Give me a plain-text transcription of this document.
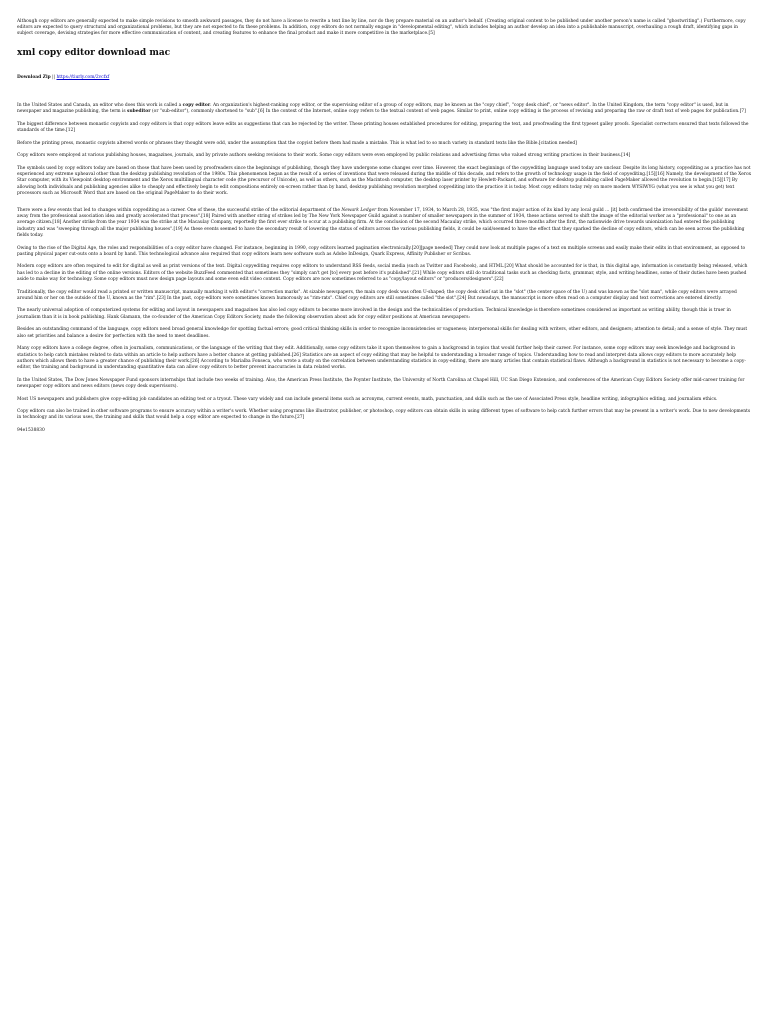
Although copy editors are generally expected to make simple revisions to smooth awkward passages, they do not have a license to rewrite a text line by line, nor do they prepare material on an author's behalf. (Creating original content to be published under another person's name is called "ghostwriting".) Furthermore, copy editors are expected to query structural and organizational problems, but they are not expected to fix these problems. In addition, copy editors do not normally engage in "developmental editing", which includes helping an author develop an idea into a publishable manuscript, overhauling a rough draft, identifying gaps in subject coverage, devising strategies for more effective communication of content, and creating features to enhance the final product and make it more competitive in the marketplace.[5]

xml copy editor download mac
Download Zip || https://tiurly.com/2vcfxf

In the United States and Canada, an editor who does this work is called a copy editor. An organization's highest-ranking copy editor, or the supervising editor of a group of copy editors, may be known as the "copy chief", "copy desk chief", or "news editor". In the United Kingdom, the term "copy editor" is used, but in newspaper and magazine publishing, the term is subeditor (or "sub-editor"), commonly shortened to "sub".[6] In the context of the Internet, online copy refers to the textual content of web pages. Similar to print, online copy editing is the process of revising and preparing the raw or draft text of web pages for publication.[7]

The biggest difference between monastic copyists and copy editors is that copy editors leave edits as suggestions that can be rejected by the writer. These printing houses established procedures for editing, preparing the text, and proofreading the first typeset galley proofs. Specialist correctors ensured that texts followed the standards of the time.[12]

Before the printing press, monastic copyists altered words or phrases they thought were odd, under the assumption that the copyist before them had made a mistake. This is what led to so much variety in standard texts like the Bible.[citation needed]

Copy editors were employed at various publishing houses, magazines, journals, and by private authors seeking revisions to their work. Some copy editors were even employed by public relations and advertising firms who valued strong writing practices in their business.[14]

The symbols used by copy editors today are based on those that have been used by proofreaders since the beginnings of publishing, though they have undergone some changes over time. However, the exact beginnings of the copyediting language used today are unclear. Despite its long history, copyediting as a practice has not experienced any extreme upheaval other than the desktop publishing revolution of the 1980s. This phenomenon began as the result of a series of inventions that were released during the middle of this decade, and refers to the growth of technology usage in the field of copyediting.[15][16] Namely, the development of the Xerox Star computer, with its Viewpoint desktop environment and the Xerox multilingual character code (the precursor of Unicode), as well as others, such as the Macintosh computer, the desktop laser printer by Hewlett-Packard, and software for desktop publishing called PageMaker allowed the revolution to begin.[15][17] By allowing both individuals and publishing agencies alike to cheaply and effectively begin to edit compositions entirely on-screen rather than by hand, desktop publishing revolution morphed copyediting into the practice it is today. Most copy editors today rely on more modern WYSIWYG (what you see is what you get) text processors such as Microsoft Word that are based on the original PageMaker to do their work.

There were a few events that led to changes within copyediting as a career. One of these, the successful strike of the editorial department of the Newark Ledger from November 17, 1934, to March 28, 1935, was "the first major action of its kind by any local guild ... [it] both confirmed the irreversibility of the guilds' movement away from the professional association idea and greatly accelerated that process".[18] Paired with another string of strikes led by The New York Newspaper Guild against a number of smaller newspapers in the summer of 1934, these actions served to shift the image of the editorial worker as a "professional" to one as an average citizen.[18] Another strike from the year 1934 was the strike at the Macaulay Company, reportedly the first ever strike to occur at a publishing firm. At the conclusion of the second Macaulay strike, which occurred three months after the first, the nationwide drive towards unionization had entered the publishing industry and was "sweeping through all the major publishing houses".[19] As these events seemed to have the secondary result of lowering the status of editors across the various publishing fields, it could be said/seemed to have the effect that they sparked the decline of copy editors, which can be seen across the publishing fields today.

Owing to the rise of the Digital Age, the roles and responsibilities of a copy editor have changed. For instance, beginning in 1990, copy editors learned pagination electronically.[20][page needed] They could now look at multiple pages of a text on multiple screens and easily make their edits in that environment, as opposed to pasting physical paper cut-outs onto a board by hand. This technological advance also required that copy editors learn new software such as Adobe InDesign, Quark Express, Affinity Publisher or Scribus.

Modern copy editors are often required to edit for digital as well as print versions of the text. Digital copyediting requires copy editors to understand RSS feeds, social media (such as Twitter and Facebook), and HTML.[20] What should be accounted for is that, in this digital age, information is constantly being released, which has led to a decline in the editing of the online versions. Editors of the website BuzzFeed commented that sometimes they "simply can't get [to] every post before it's published".[21] While copy editors still do traditional tasks such as checking facts, grammar, style, and writing headlines, some of their duties have been pushed aside to make way for technology. Some copy editors must now design page layouts and some even edit video content. Copy editors are now sometimes referred to as "copy/layout editors" or "producers/designers".[22]

Traditionally, the copy editor would read a printed or written manuscript, manually marking it with editor's "correction marks". At sizable newspapers, the main copy desk was often U-shaped; the copy desk chief sat in the "slot" (the center space of the U) and was known as the "slot man", while copy editors were arrayed around him or her on the outside of the U, known as the "rim".[23] In the past, copy-editors were sometimes known humorously as "rim-rats". Chief copy editors are still sometimes called "the slot".[24] But nowadays, the manuscript is more often read on a computer display and text corrections are entered directly.

The nearly universal adoption of computerized systems for editing and layout in newspapers and magazines has also led copy editors to become more involved in the design and the technicalities of production. Technical knowledge is therefore sometimes considered as important as writing ability, though this is truer in journalism than it is in book publishing. Hank Glamann, the co-founder of the American Copy Editors Society, made the following observation about ads for copy editor positions at American newspapers:

Besides an outstanding command of the language, copy editors need broad general knowledge for spotting factual errors; good critical thinking skills in order to recognize inconsistencies or vagueness; interpersonal skills for dealing with writers, other editors, and designers; attention to detail; and a sense of style. They must also set priorities and balance a desire for perfection with the need to meet deadlines.

Many copy editors have a college degree, often in journalism, communications, or the language of the writing that they edit. Additionally, some copy editors take it upon themselves to gain a background in topics that would further help their career. For instance, some copy editors may seek knowledge and background in statistics to help catch mistakes related to data within an article to help authors have a better chance at getting published.[26] Statistics are an aspect of copy editing that may be helpful to understanding a broader range of topics. Understanding how to read and interpret data allows copy editors to more accurately help authors which allows them to have a greater chance of publishing their work.[26] According to Marialba Fonseca, who wrote a study on the correlation between understanding statistics in copy-editing, there are many articles that contain statistical flaws. Although a background in statistics is not necessary to become a copy-editor, the training and background in understanding quantitative data can allow copy editors to better prevent inaccuracies in data related works.

In the United States, The Dow Jones Newspaper Fund sponsors internships that include two weeks of training. Also, the American Press Institute, the Poynter Institute, the University of North Carolina at Chapel Hill, UC San Diego Extension, and conferences of the American Copy Editors Society offer mid-career training for newspaper copy editors and news editors (news copy desk supervisors).

Most US newspapers and publishers give copy-editing job candidates an editing test or a tryout. These vary widely and can include general items such as acronyms, current events, math, punctuation, and skills such as the use of Associated Press style, headline writing, infographics editing, and journalism ethics.

Copy editors can also be trained in other software programs to ensure accuracy within a writer's work. Whether using programs like illustrator, publisher, or photoshop, copy editors can obtain skills in using different types of software to help catch further errors that may be present in a writer's work. Due to new developments in technology and its various uses, the training and skills that would help a copy editor are expected to change in the future.[27]

94e1538830
